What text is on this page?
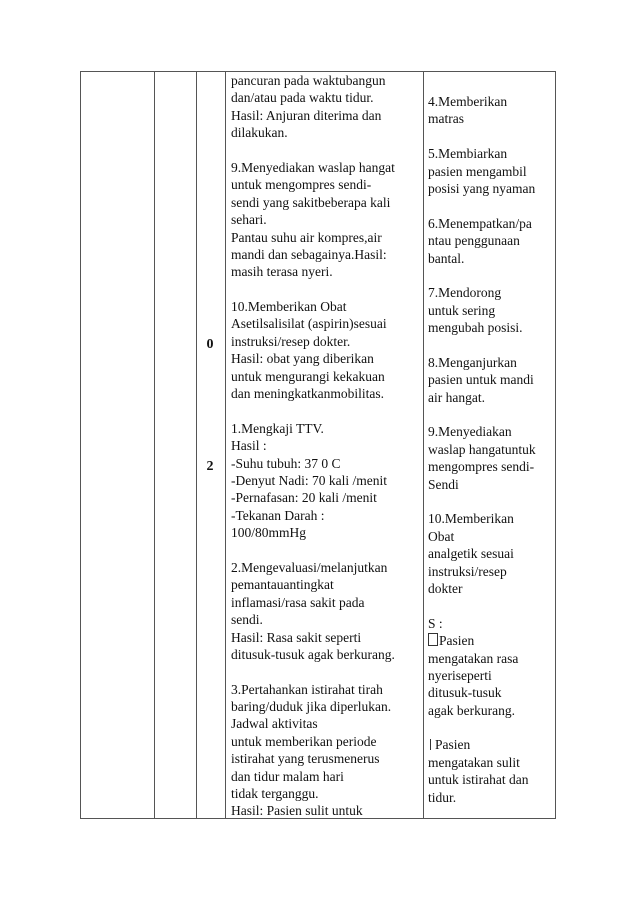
0
2
pancuran pada waktubangun
dan/atau pada waktu tidur.
Hasil: Anjuran diterima dan
dilakukan.
9.Menyediakan waslap hangat
untuk mengompres sendi-
sendi yang sakitbeberapa kali
sehari.
Pantau suhu air kompres,air
mandi dan sebagainya.Hasil:
masih terasa nyeri.
10.Memberikan Obat
Asetilsalisilat (aspirin)sesuai
instruksi/resep dokter.
Hasil: obat yang diberikan
untuk mengurangi kekakuan
dan meningkatkanmobilitas.
1.Mengkaji TTV.
Hasil :
-Suhu tubuh: 37 0 C
-Denyut Nadi: 70 kali /menit
-Pernafasan: 20 kali /menit
-Tekanan Darah :
100/80mmHg
2.Mengevaluasi/melanjutkan
pemantauantingkat
inflamasi/rasa sakit pada
sendi.
Hasil: Rasa sakit seperti
ditusuk-tusuk agak berkurang.
3.Pertahankan istirahat tirah
baring/duduk jika diperlukan.
Jadwal aktivitas
untuk memberikan periode
istirahat yang terusmenerus
dan tidur malam hari
tidak terganggu.
Hasil: Pasien sulit untuk
4.Memberikan
matras
5.Membiarkan
pasien mengambil
posisi yang nyaman
6.Menempatkan/pa
ntau penggunaan
bantal.
7.Mendorong
untuk sering
mengubah posisi.
8.Menganjurkan
pasien untuk mandi
air hangat.
9.Menyediakan
waslap hangatuntuk
mengompres sendi-
Sendi
10.Memberikan
Obat
analgetik sesuai
instruksi/resep
dokter
S :
Pasien
mengatakan rasa
nyeriseperti
ditusuk-tusuk
agak berkurang.
Pasien
mengatakan sulit
untuk istirahat dan
tidur.
